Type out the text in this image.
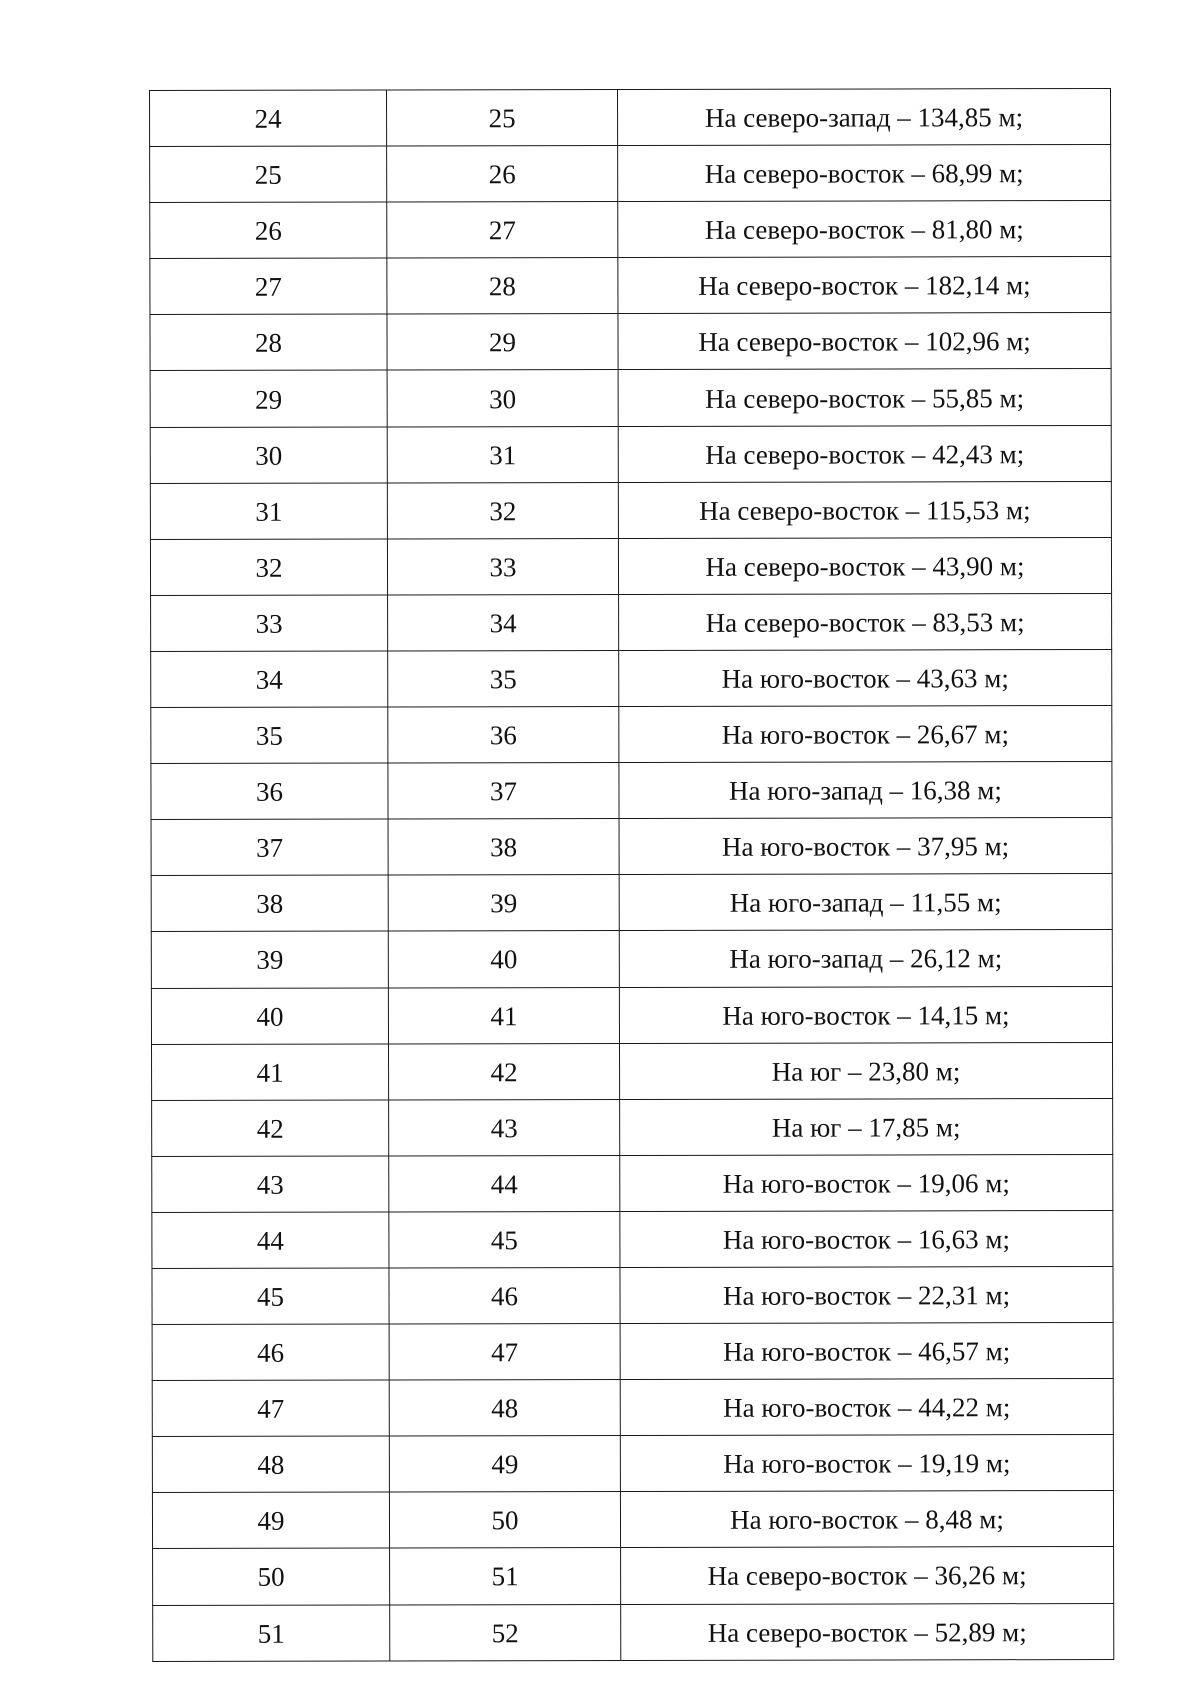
24	25	На северо-запад – 134,85 м;
25	26	На северо-восток – 68,99 м;
26	27	На северо-восток – 81,80 м;
27	28	На северо-восток – 182,14 м;
28	29	На северо-восток – 102,96 м;
29	30	На северо-восток – 55,85 м;
30	31	На северо-восток – 42,43 м;
31	32	На северо-восток – 115,53 м;
32	33	На северо-восток – 43,90 м;
33	34	На северо-восток – 83,53 м;
34	35	На юго-восток – 43,63 м;
35	36	На юго-восток – 26,67 м;
36	37	На юго-запад – 16,38 м;
37	38	На юго-восток – 37,95 м;
38	39	На юго-запад – 11,55 м;
39	40	На юго-запад – 26,12 м;
40	41	На юго-восток – 14,15 м;
41	42	На юг – 23,80 м;
42	43	На юг – 17,85 м;
43	44	На юго-восток – 19,06 м;
44	45	На юго-восток – 16,63 м;
45	46	На юго-восток – 22,31 м;
46	47	На юго-восток – 46,57 м;
47	48	На юго-восток – 44,22 м;
48	49	На юго-восток – 19,19 м;
49	50	На юго-восток – 8,48 м;
50	51	На северо-восток – 36,26 м;
51	52	На северо-восток – 52,89 м;
